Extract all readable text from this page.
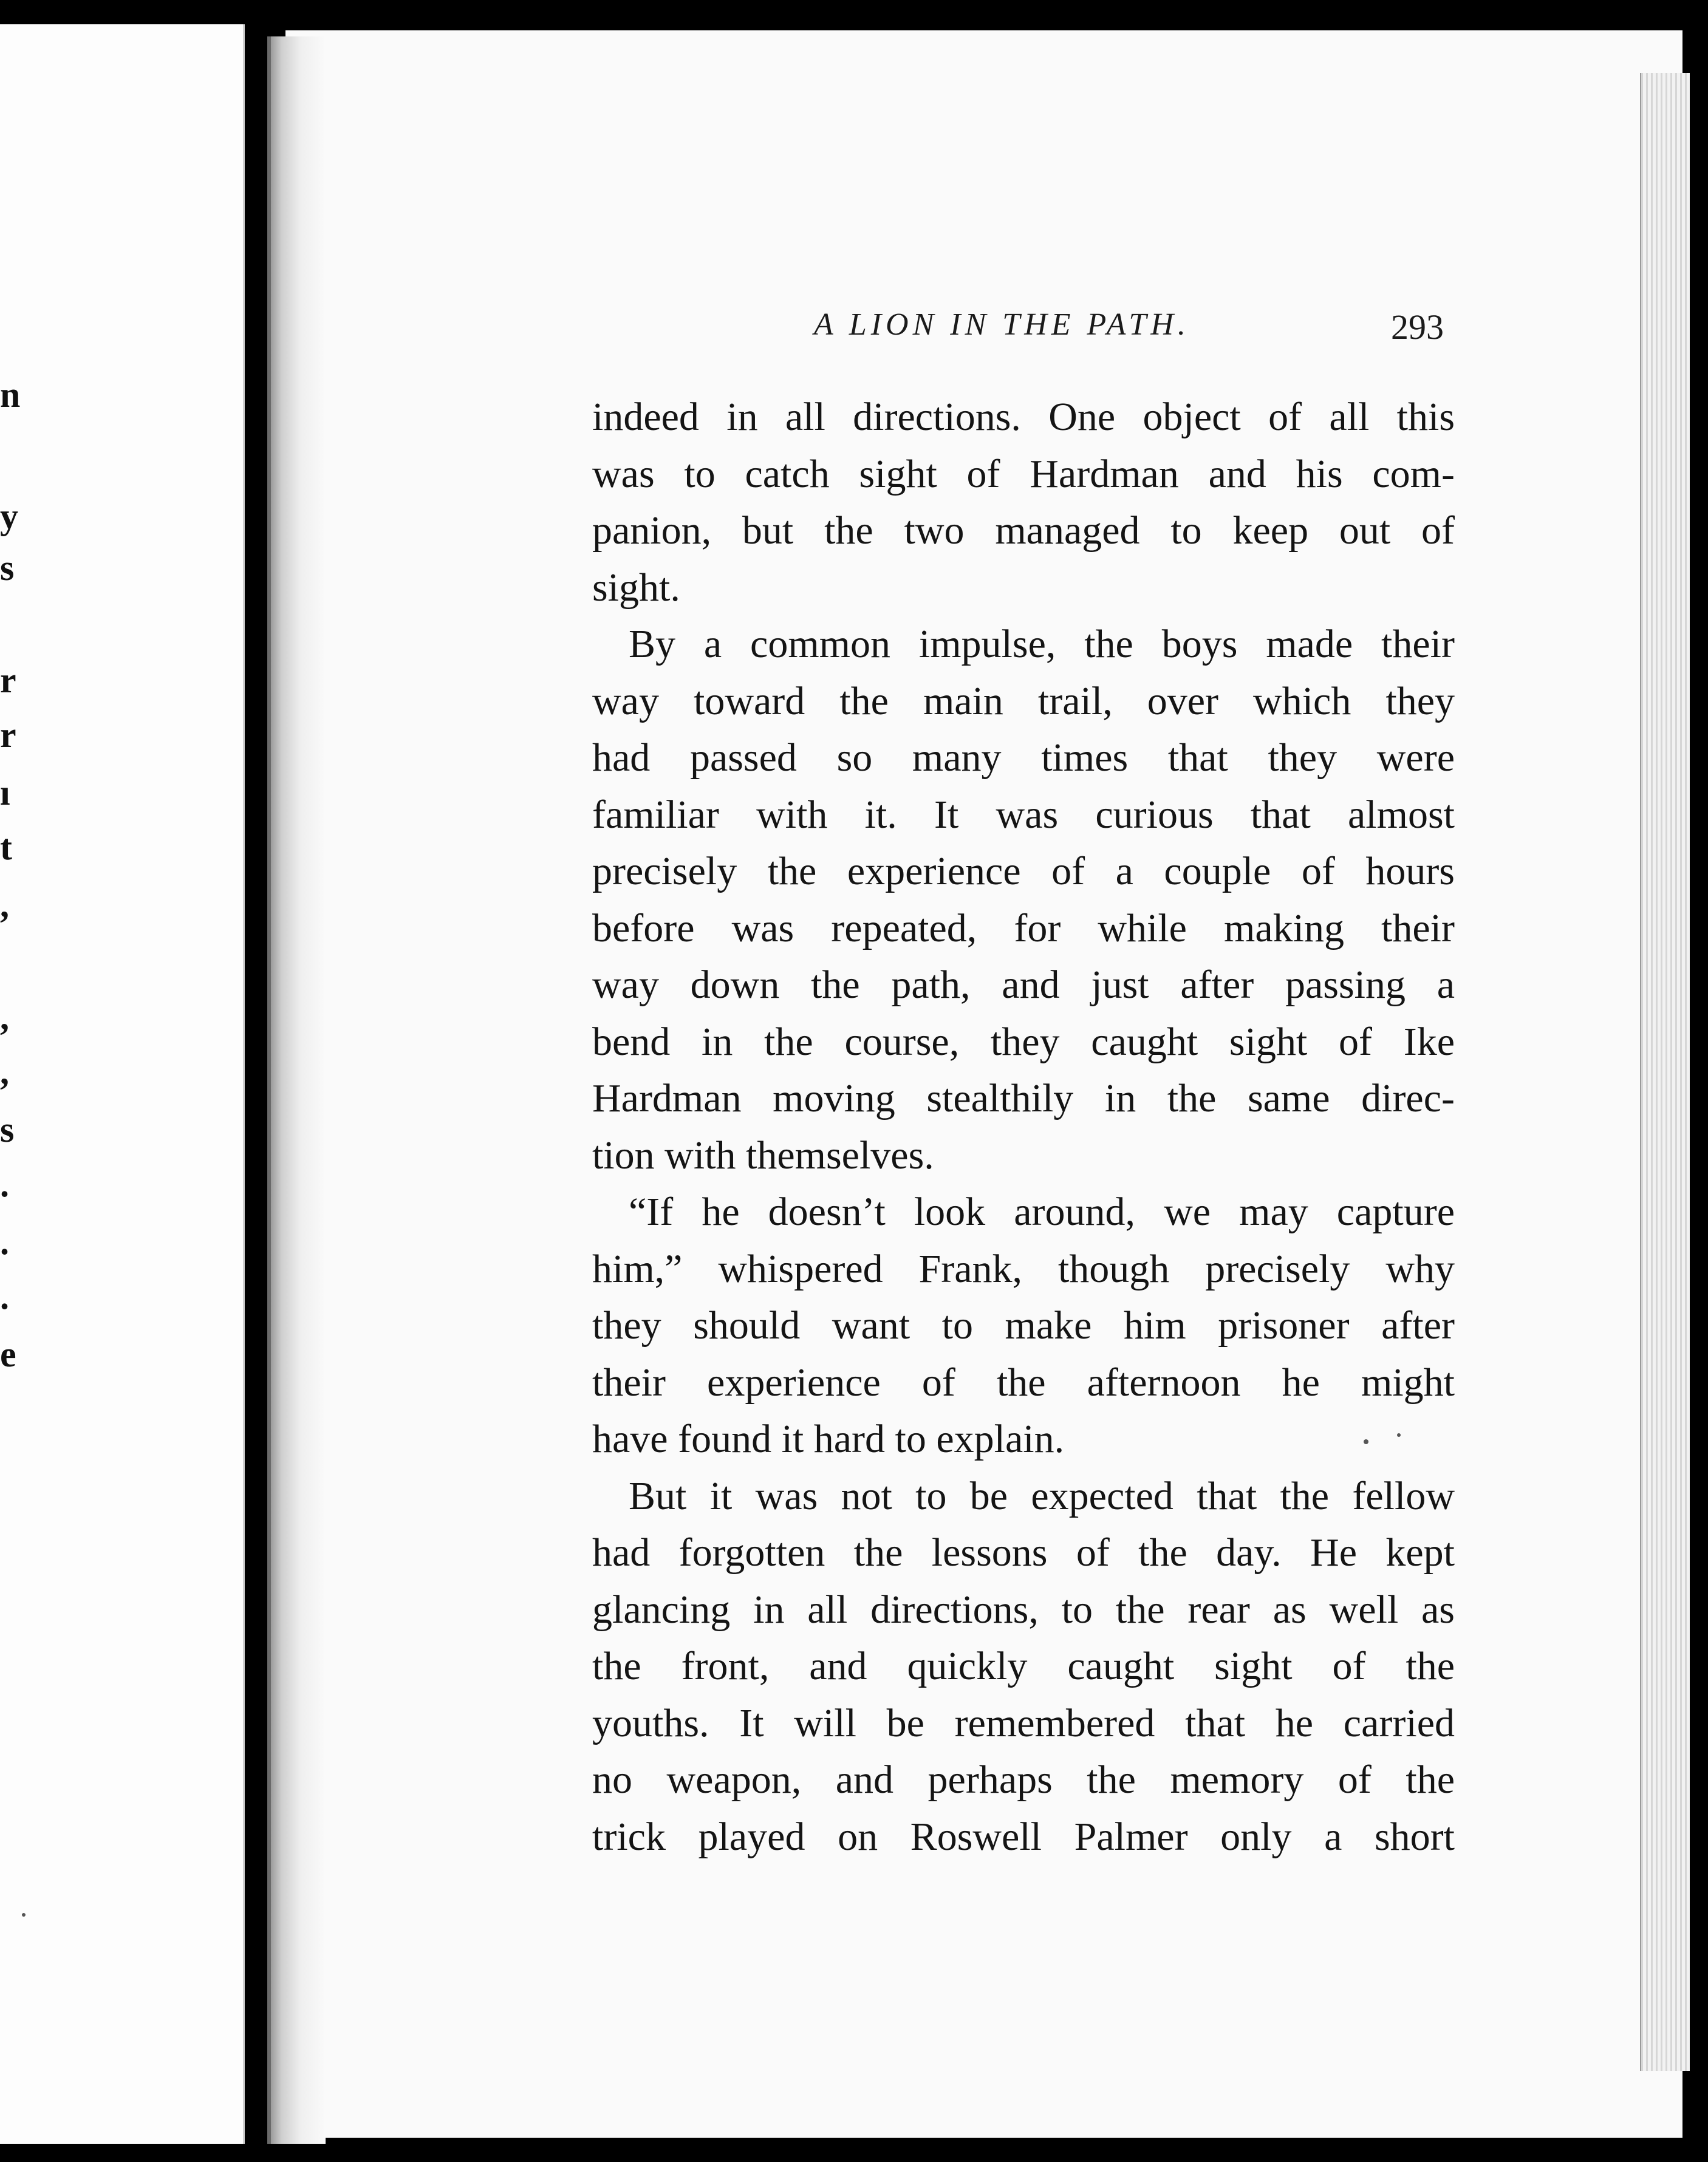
n
y
s
r
r
ı
t
,
,
,
s
.
.
.
e
A LION IN THE PATH.	293
indeed in all directions. One object of all this
was to catch sight of Hardman and his com-
panion, but the two managed to keep out of
sight.
By a common impulse, the boys made their
way toward the main trail, over which they
had passed so many times that they were
familiar with it. It was curious that almost
precisely the experience of a couple of hours
before was repeated, for while making their
way down the path, and just after passing a
bend in the course, they caught sight of Ike
Hardman moving stealthily in the same direc-
tion with themselves.
“If he doesn’t look around, we may capture
him,” whispered Frank, though precisely why
they should want to make him prisoner after
their experience of the afternoon he might
have found it hard to explain.
But it was not to be expected that the fellow
had forgotten the lessons of the day. He kept
glancing in all directions, to the rear as well as
the front, and quickly caught sight of the
youths. It will be remembered that he carried
no weapon, and perhaps the memory of the
trick played on Roswell Palmer only a short
